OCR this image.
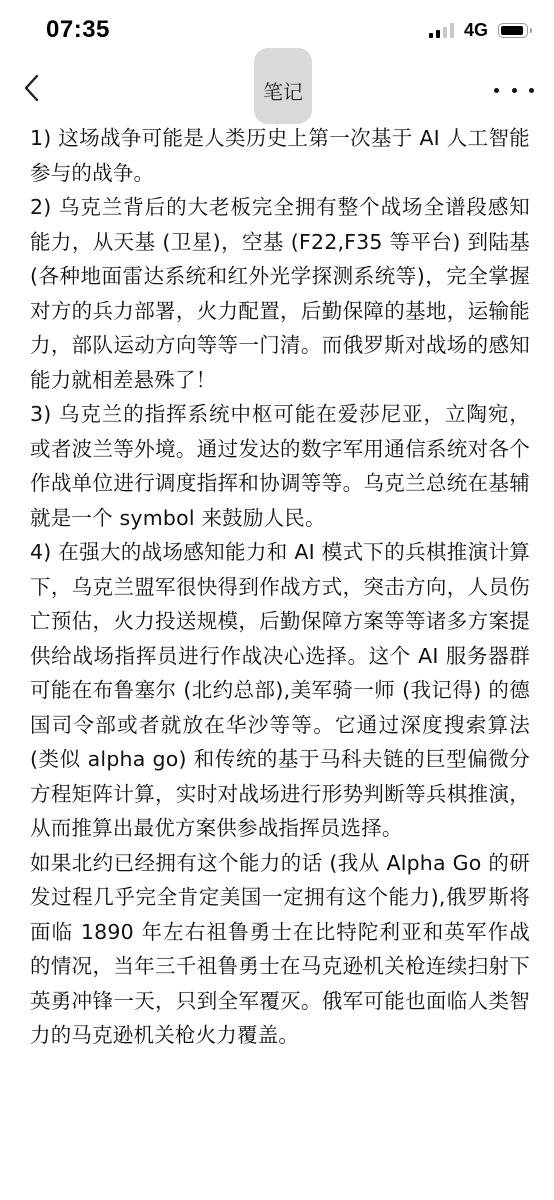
07:35	4G
笔记

1) 这场战争可能是人类历史上第一次基于 AI 人工智能参与的战争。

2) 乌克兰背后的大老板完全拥有整个战场全谱段感知能力，从天基 (卫星)，空基 (F22,F35 等平台) 到陆基 (各种地面雷达系统和红外光学探测系统等)，完全掌握对方的兵力部署，火力配置，后勤保障的基地，运输能力，部队运动方向等等一门清。而俄罗斯对战场的感知能力就相差悬殊了！

3) 乌克兰的指挥系统中枢可能在爱莎尼亚，立陶宛，或者波兰等外境。通过发达的数字军用通信系统对各个作战单位进行调度指挥和协调等等。乌克兰总统在基辅就是一个 symbol 来鼓励人民。

4) 在强大的战场感知能力和 AI 模式下的兵棋推演计算下，乌克兰盟军很快得到作战方式，突击方向，人员伤亡预估，火力投送规模，后勤保障方案等等诸多方案提供给战场指挥员进行作战决心选择。这个 AI 服务器群可能在布鲁塞尔 (北约总部),美军骑一师 (我记得) 的德国司令部或者就放在华沙等等。它通过深度搜索算法 (类似 alpha go) 和传统的基于马科夫链的巨型偏微分方程矩阵计算，实时对战场进行形势判断等兵棋推演，从而推算出最优方案供参战指挥员选择。

如果北约已经拥有这个能力的话 (我从 Alpha Go 的研发过程几乎完全肯定美国一定拥有这个能力),俄罗斯将面临 1890 年左右祖鲁勇士在比特陀利亚和英军作战的情况，当年三千祖鲁勇士在马克逊机关枪连续扫射下英勇冲锋一天，只到全军覆灭。俄军可能也面临人类智力的马克逊机关枪火力覆盖。
